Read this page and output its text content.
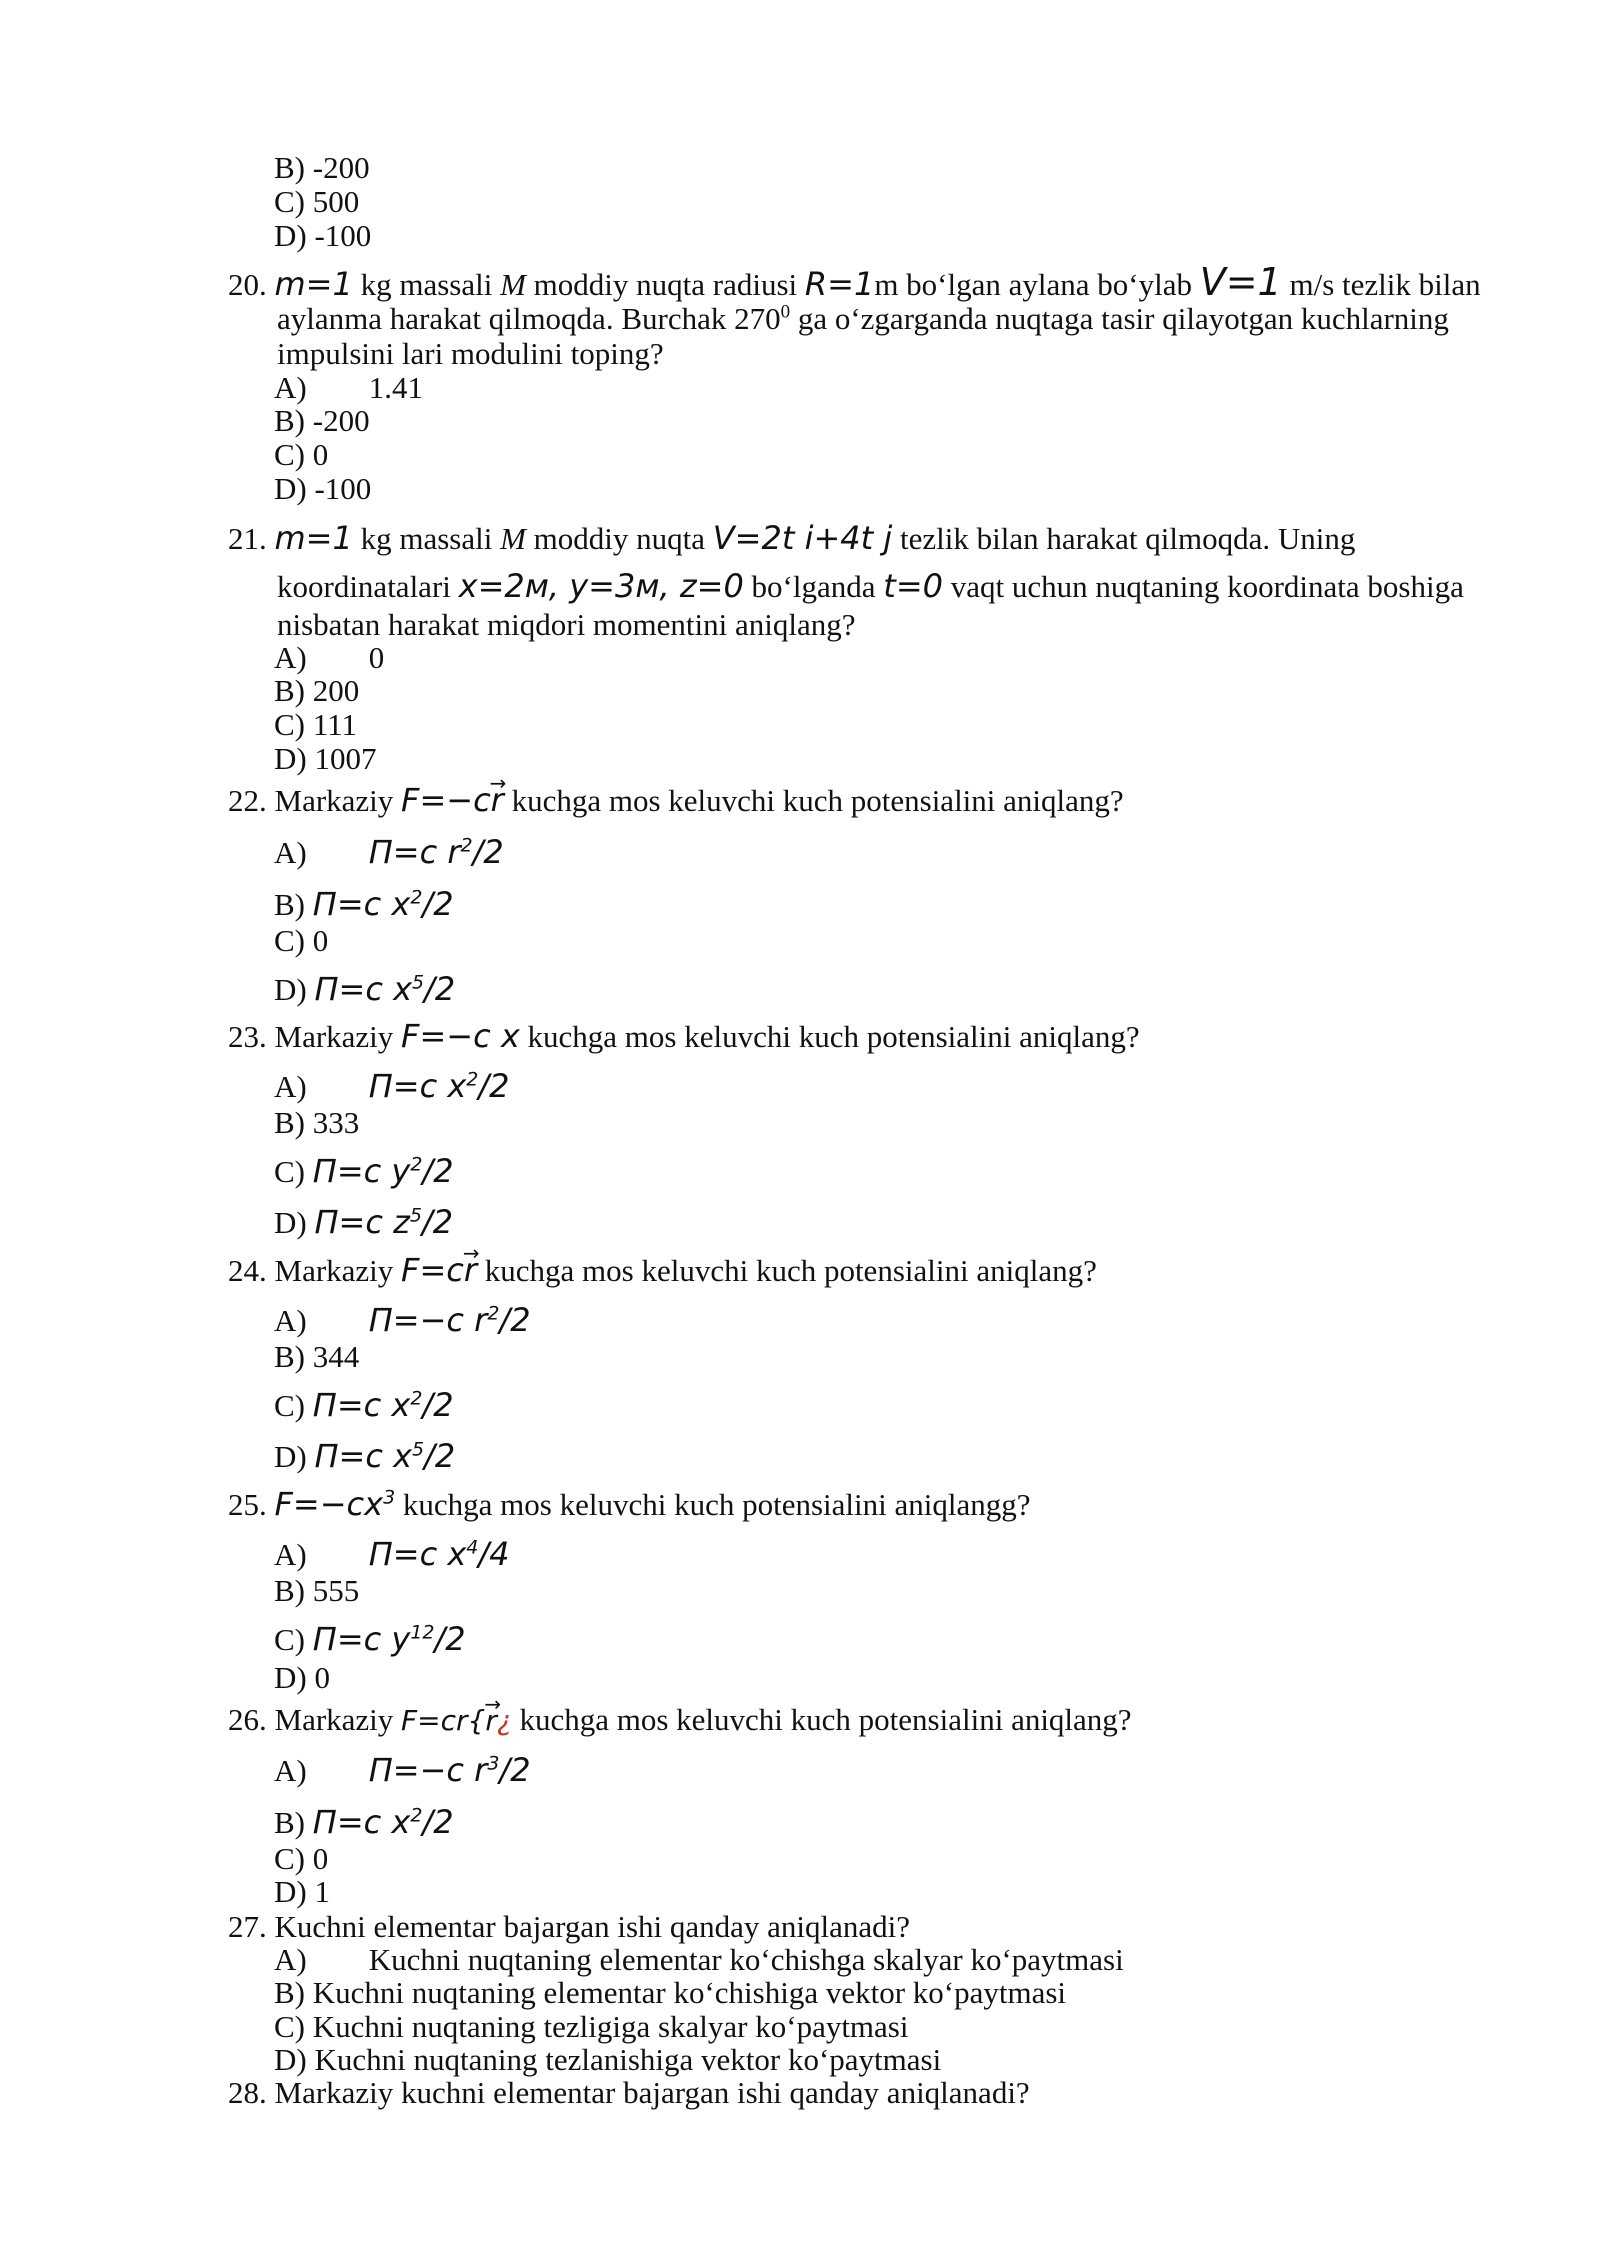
B) -200
C) 500
D) -100
20. m=1 kg massali M moddiy nuqta radiusi R=1m bo‘lgan aylana bo‘ylab V=1 m/s tezlik bilan
aylanma harakat qilmoqda. Burchak $270^0$ ga o‘zgarganda nuqtaga tasir qilayotgan kuchlarning
impulsini lari modulini toping?
A) 1.41
B) -200
C) 0
D) -100
21. m=1 kg massali M moddiy nuqta V=2t i+4t j tezlik bilan harakat qilmoqda. Uning
koordinatalari x=2м, y=3м, z=0 bo‘lganda t=0 vaqt uchun nuqtaning koordinata boshiga
nisbatan harakat miqdori momentini aniqlang?
A) 0
B) 200
C) 111
D) 1007
22. Markaziy F=−c→ r kuchga mos keluvchi kuch potensialini aniqlang?
A) Π=c $r^2/2$
B) Π=c $x^2/2$
C) 0
D) Π=c $x^5/2$
23. Markaziy F=−c x kuchga mos keluvchi kuch potensialini aniqlang?
A) Π=c $x^2/2$
B) 333
C) Π=c $y^2/2$
D) Π=c $z^5/2$
24. Markaziy F=c→ r kuchga mos keluvchi kuch potensialini aniqlang?
A) Π=−c $r^2/2$
B) 344
C) Π=c $x^2/2$
D) Π=c $x^5/2$
25. $F=-cx^3$ kuchga mos keluvchi kuch potensialini aniqlangg?
A) Π=c $x^4/4$
B) 555
C) Π=c $y^{12}/2$
D) 0
26. Markaziy F=cr{→ r¿ kuchga mos keluvchi kuch potensialini aniqlang?
A) Π=−c $r^3/2$
B) Π=c $x^2/2$
C) 0
D) 1
27. Kuchni elementar bajargan ishi qanday aniqlanadi?
A) Kuchni nuqtaning elementar ko‘chishga skalyar ko‘paytmasi
B) Kuchni nuqtaning elementar ko‘chishiga vektor ko‘paytmasi
C) Kuchni nuqtaning tezligiga skalyar ko‘paytmasi
D) Kuchni nuqtaning tezlanishiga vektor ko‘paytmasi
28. Markaziy kuchni elementar bajargan ishi qanday aniqlanadi?
